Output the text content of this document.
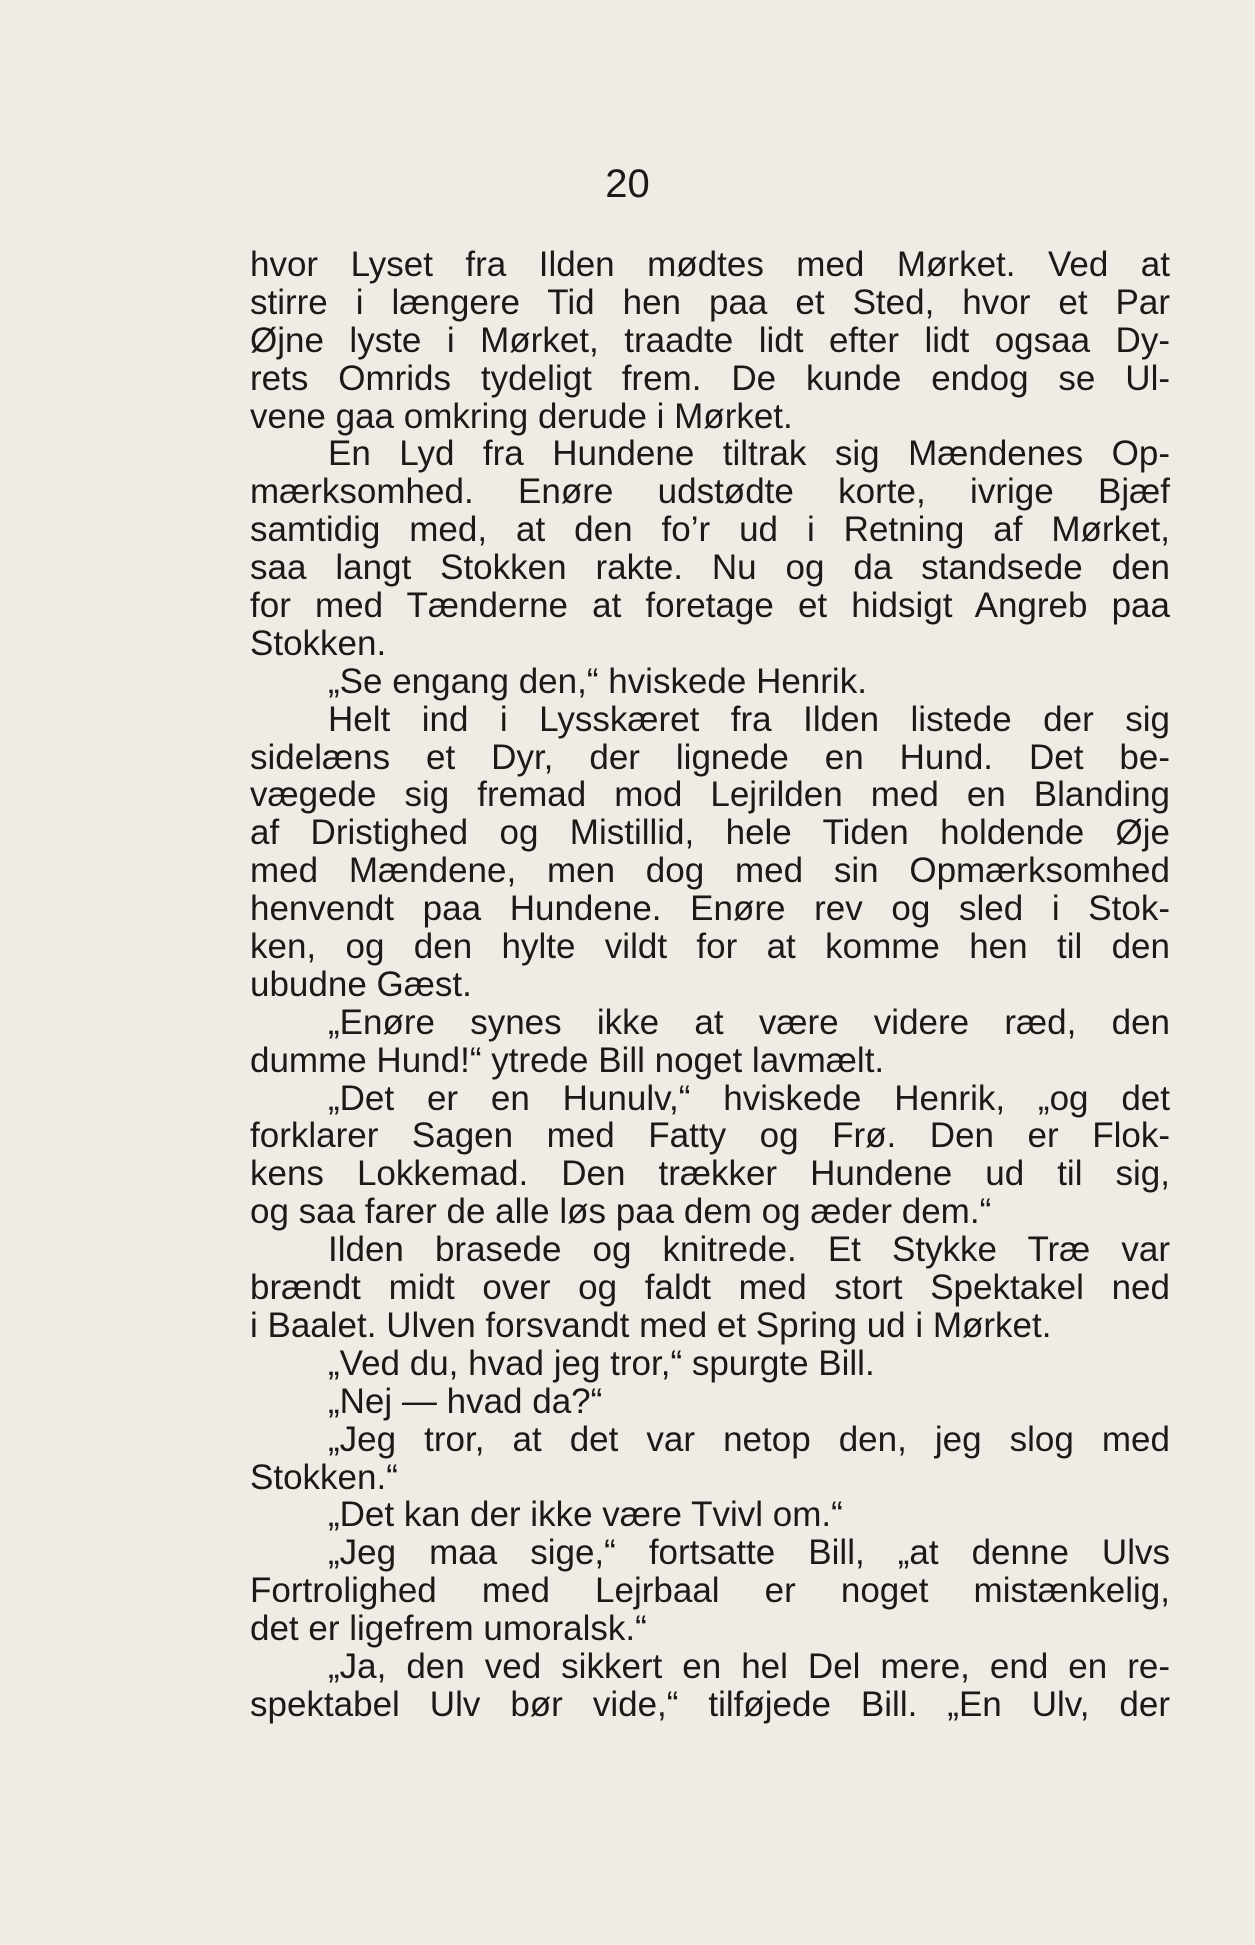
20
hvor Lyset fra Ilden mødtes med Mørket. Ved at
stirre i længere Tid hen paa et Sted, hvor et Par
Øjne lyste i Mørket, traadte lidt efter lidt ogsaa Dy-
rets Omrids tydeligt frem. De kunde endog se Ul-
vene gaa omkring derude i Mørket.
En Lyd fra Hundene tiltrak sig Mændenes Op-
mærksomhed. Enøre udstødte korte, ivrige Bjæf
samtidig med, at den fo’r ud i Retning af Mørket,
saa langt Stokken rakte. Nu og da standsede den
for med Tænderne at foretage et hidsigt Angreb paa
Stokken.
„Se engang den,“ hviskede Henrik.
Helt ind i Lysskæret fra Ilden listede der sig
sidelæns et Dyr, der lignede en Hund. Det be-
vægede sig fremad mod Lejrilden med en Blanding
af Dristighed og Mistillid, hele Tiden holdende Øje
med Mændene, men dog med sin Opmærksomhed
henvendt paa Hundene. Enøre rev og sled i Stok-
ken, og den hylte vildt for at komme hen til den
ubudne Gæst.
„Enøre synes ikke at være videre ræd, den
dumme Hund!“ ytrede Bill noget lavmælt.
„Det er en Hunulv,“ hviskede Henrik, „og det
forklarer Sagen med Fatty og Frø. Den er Flok-
kens Lokkemad. Den trækker Hundene ud til sig,
og saa farer de alle løs paa dem og æder dem.“
Ilden brasede og knitrede. Et Stykke Træ var
brændt midt over og faldt med stort Spektakel ned
i Baalet. Ulven forsvandt med et Spring ud i Mørket.
„Ved du, hvad jeg tror,“ spurgte Bill.
„Nej — hvad da?“
„Jeg tror, at det var netop den, jeg slog med
Stokken.“
„Det kan der ikke være Tvivl om.“
„Jeg maa sige,“ fortsatte Bill, „at denne Ulvs
Fortrolighed med Lejrbaal er noget mistænkelig,
det er ligefrem umoralsk.“
„Ja, den ved sikkert en hel Del mere, end en re-
spektabel Ulv bør vide,“ tilføjede Bill. „En Ulv, der
